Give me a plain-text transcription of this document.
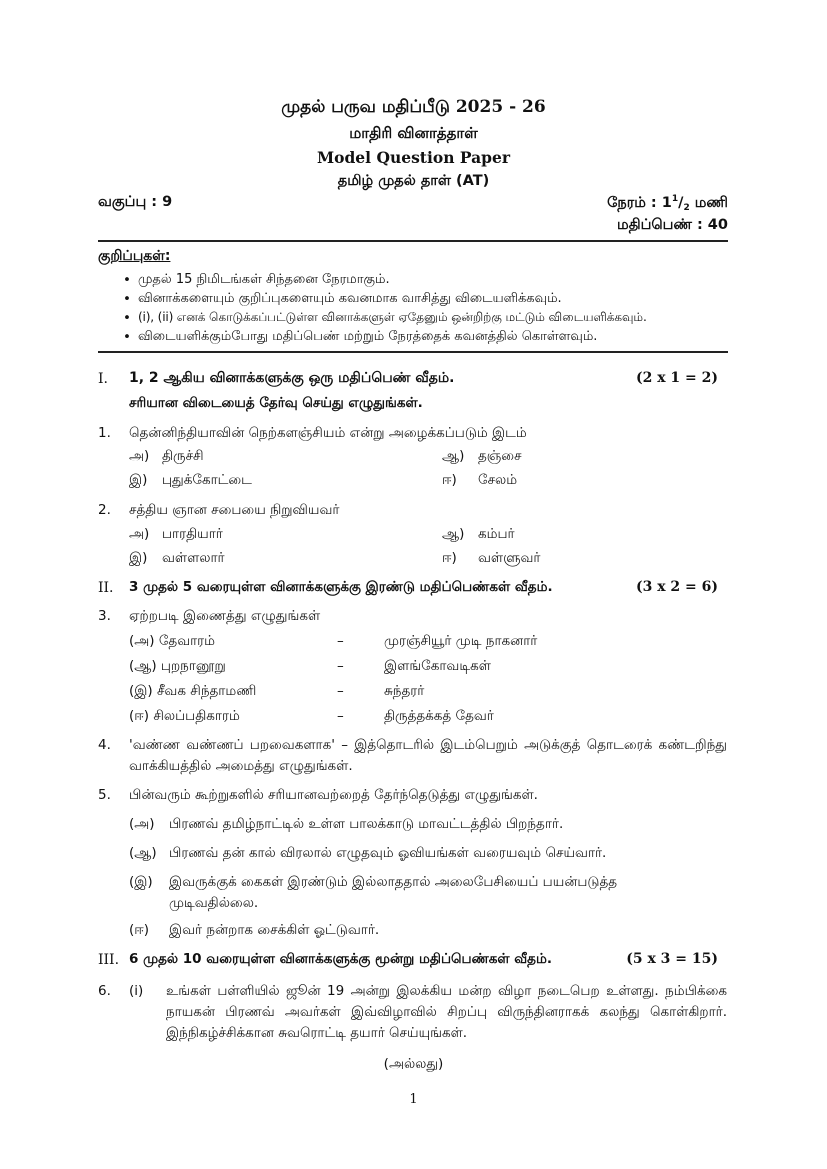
முதல் பருவ மதிப்பீடு 2025 - 26
மாதிரி வினாத்தாள்
Model Question Paper
தமிழ் முதல் தாள் (AT)
வகுப்பு : 9	நேரம் : $1^1/_2$ மணி
மதிப்பெண் : 40
குறிப்புகள்:
• முதல் 15 நிமிடங்கள் சிந்தனை நேரமாகும்.
• வினாக்களையும் குறிப்புகளையும் கவனமாக வாசித்து விடையளிக்கவும்.
• (i), (ii) எனக் கொடுக்கப்பட்டுள்ள வினாக்களுள் ஏதேனும் ஒன்றிற்கு மட்டும் விடையளிக்கவும்.
• விடையளிக்கும்போது மதிப்பெண் மற்றும் நேரத்தைக் கவனத்தில் கொள்ளவும்.
I. 1, 2 ஆகிய வினாக்களுக்கு ஒரு மதிப்பெண் வீதம்.	(2 x 1 = 2)
சரியான விடையைத் தேர்வு செய்து எழுதுங்கள்.
1. தென்னிந்தியாவின் நெற்களஞ்சியம் என்று அழைக்கப்படும் இடம்
அ) திருச்சி	ஆ) தஞ்சை
இ) புதுக்கோட்டை	ஈ) சேலம்
2. சத்திய ஞான சபையை நிறுவியவர்
அ) பாரதியார்	ஆ) கம்பர்
இ) வள்ளலார்	ஈ) வள்ளுவர்
II. 3 முதல் 5 வரையுள்ள வினாக்களுக்கு இரண்டு மதிப்பெண்கள் வீதம்.	(3 x 2 = 6)
3. ஏற்றபடி இணைத்து எழுதுங்கள்
(அ) தேவாரம்	–	முரஞ்சியூர் முடி நாகனார்
(ஆ) புறநானூறு	–	இளங்கோவடிகள்
(இ) சீவக சிந்தாமணி	–	சுந்தரர்
(ஈ) சிலப்பதிகாரம்	–	திருத்தக்கத் தேவர்
4. 'வண்ண வண்ணப் பறவைகளாக' – இத்தொடரில் இடம்பெறும் அடுக்குத் தொடரைக் கண்டறிந்து வாக்கியத்தில் அமைத்து எழுதுங்கள்.
5. பின்வரும் கூற்றுகளில் சரியானவற்றைத் தேர்ந்தெடுத்து எழுதுங்கள்.
(அ) பிரணவ் தமிழ்நாட்டில் உள்ள பாலக்காடு மாவட்டத்தில் பிறந்தார்.
(ஆ) பிரணவ் தன் கால் விரலால் எழுதவும் ஓவியங்கள் வரையவும் செய்வார்.
(இ) இவருக்குக் கைகள் இரண்டும் இல்லாததால் அலைபேசியைப் பயன்படுத்த முடிவதில்லை.
(ஈ) இவர் நன்றாக சைக்கிள் ஓட்டுவார்.
III. 6 முதல் 10 வரையுள்ள வினாக்களுக்கு மூன்று மதிப்பெண்கள் வீதம்.	(5 x 3 = 15)
6. (i) உங்கள் பள்ளியில் ஜூன் 19 அன்று இலக்கிய மன்ற விழா நடைபெற உள்ளது. நம்பிக்கை நாயகன் பிரணவ் அவர்கள் இவ்விழாவில் சிறப்பு விருந்தினராகக் கலந்து கொள்கிறார். இந்நிகழ்ச்சிக்கான சுவரொட்டி தயார் செய்யுங்கள்.
(அல்லது)
1
